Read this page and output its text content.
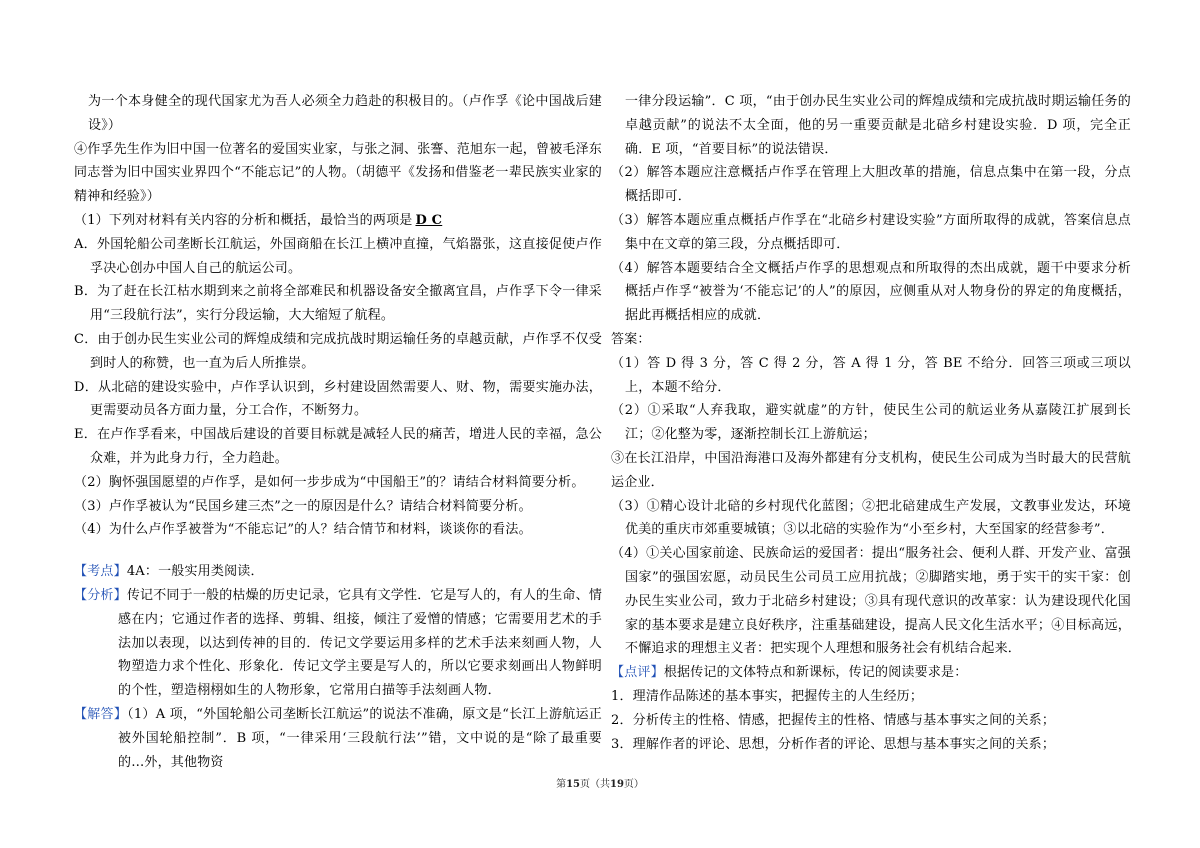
为一个本身健全的现代国家尤为吾人必须全力趋赴的积极目的。（卢作孚《论中国战后建设》）

④作孚先生作为旧中国一位著名的爱国实业家，与张之洞、张謇、范旭东一起，曾被毛泽东同志誉为旧中国实业界四个“不能忘记”的人物。（胡德平《发扬和借鉴老一辈民族实业家的精神和经验》）

（1）下列对材料有关内容的分析和概括，最恰当的两项是 D C

A．外国轮船公司垄断长江航运，外国商船在长江上横冲直撞，气焰嚣张，这直接促使卢作孚决心创办中国人自己的航运公司。

B．为了赶在长江枯水期到来之前将全部难民和机器设备安全撤离宜昌，卢作孚下令一律采用“三段航行法”，实行分段运输，大大缩短了航程。

C．由于创办民生实业公司的辉煌成绩和完成抗战时期运输任务的卓越贡献，卢作孚不仅受到时人的称赞，也一直为后人所推崇。

D．从北碚的建设实验中，卢作孚认识到，乡村建设固然需要人、财、物，需要实施办法，更需要动员各方面力量，分工合作，不断努力。

E．在卢作孚看来，中国战后建设的首要目标就是减轻人民的痛苦，增进人民的幸福，急公众难，并为此身力行，全力趋赴。

（2）胸怀强国愿望的卢作孚，是如何一步步成为“中国船王”的？请结合材料简要分析。

（3）卢作孚被认为“民国乡建三杰”之一的原因是什么？请结合材料简要分析。

（4）为什么卢作孚被誉为“不能忘记”的人？结合情节和材料，谈谈你的看法。

【考点】4A：一般实用类阅读．

【分析】传记不同于一般的枯燥的历史记录，它具有文学性．它是写人的，有人的生命、情感在内；它通过作者的选择、剪辑、组接，倾注了爱憎的情感；它需要用艺术的手法加以表现，以达到传神的目的．传记文学要运用多样的艺术手法来刻画人物，人物塑造力求个性化、形象化．传记文学主要是写人的，所以它要求刻画出人物鲜明的个性，塑造栩栩如生的人物形象，它常用白描等手法刻画人物．

【解答】（1）A 项，“外国轮船公司垄断长江航运”的说法不准确，原文是“长江上游航运正被外国轮船控制”．B 项，“一律采用‘三段航行法’”错，文中说的是“除了最重要的…外，其他物资

一律分段运输”．C 项，“由于创办民生实业公司的辉煌成绩和完成抗战时期运输任务的卓越贡献”的说法不太全面，他的另一重要贡献是北碚乡村建设实验．D 项，完全正确．E 项，“首要目标”的说法错误．

（2）解答本题应注意概括卢作孚在管理上大胆改革的措施，信息点集中在第一段，分点概括即可．

（3）解答本题应重点概括卢作孚在“北碚乡村建设实验”方面所取得的成就，答案信息点集中在文章的第三段，分点概括即可．

（4）解答本题要结合全文概括卢作孚的思想观点和所取得的杰出成就，题干中要求分析概括卢作孚“被誉为‘不能忘记’的人”的原因，应侧重从对人物身份的界定的角度概括，据此再概括相应的成就．

答案：

（1）答 D 得 3 分，答 C 得 2 分，答 A 得 1 分，答 BE 不给分．回答三项或三项以上，本题不给分．

（2）①采取“人弃我取，避实就虚”的方针，使民生公司的航运业务从嘉陵江扩展到长江；②化整为零，逐渐控制长江上游航运；

③在长江沿岸，中国沿海港口及海外都建有分支机构，使民生公司成为当时最大的民营航运企业．

（3）①精心设计北碚的乡村现代化蓝图；②把北碚建成生产发展，文教事业发达，环境优美的重庆市郊重要城镇；③以北碚的实验作为“小至乡村，大至国家的经营参考”．

（4）①关心国家前途、民族命运的爱国者：提出“服务社会、便利人群、开发产业、富强国家”的强国宏愿，动员民生公司员工应用抗战；②脚踏实地，勇于实干的实干家：创办民生实业公司，致力于北碚乡村建设；③具有现代意识的改革家：认为建设现代化国家的基本要求是建立良好秩序，注重基础建设，提高人民文化生活水平；④目标高远，不懈追求的理想主义者：把实现个人理想和服务社会有机结合起来．

【点评】根据传记的文体特点和新课标，传记的阅读要求是：

1．理清作品陈述的基本事实，把握传主的人生经历；

2．分析传主的性格、情感，把握传主的性格、情感与基本事实之间的关系；

3．理解作者的评论、思想，分析作者的评论、思想与基本事实之间的关系；

第15页（共19页）
